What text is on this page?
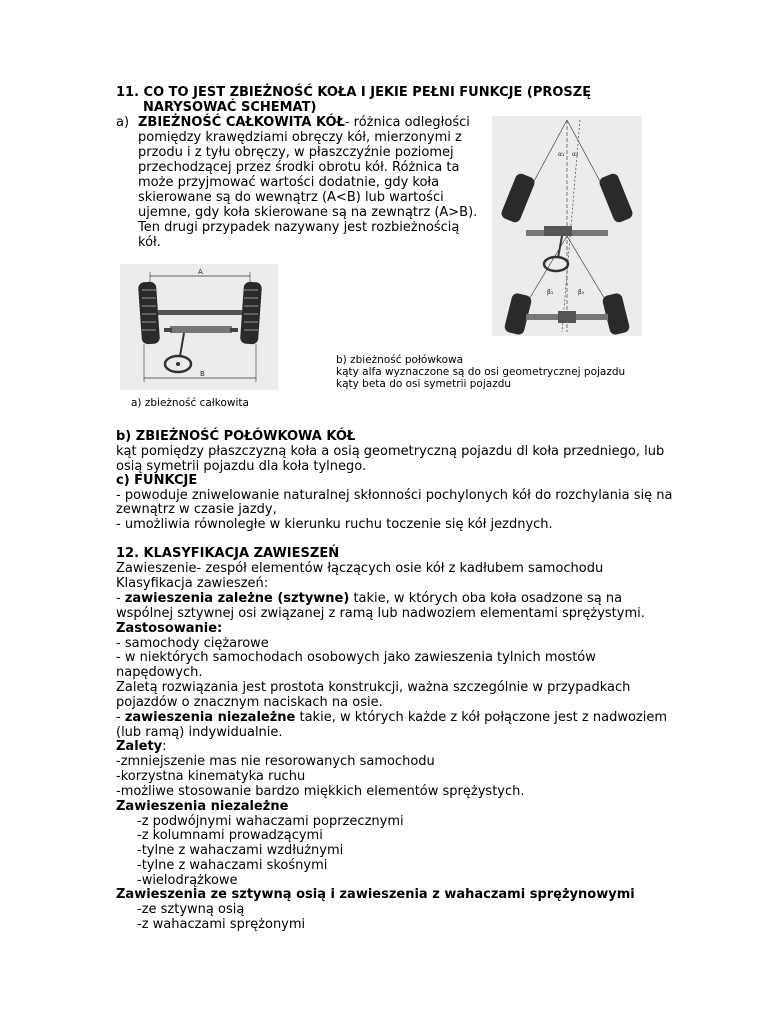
11. CO TO JEST ZBIEŻNOŚĆ KOŁA I JEKIE PEŁNI FUNKCJE (PROSZĘ
NARYSOWAĆ SCHEMAT)
a) ZBIEŻNOŚĆ CAŁKOWITA KÓŁ- różnica odległości
pomiędzy krawędziami obręczy kół, mierzonymi z
przodu i z tyłu obręczy, w płaszczyźnie poziomej
przechodzącej przez środki obrotu kół. Różnica ta
może przyjmować wartości dodatnie, gdy koła
skierowane są do wewnątrz (A<B) lub wartości
ujemne, gdy koła skierowane są na zewnątrz (A>B).
Ten drugi przypadek nazywany jest rozbieżnością
kół.
A
B
a) zbieżność całkowita
α₁ α₂
β₁	β₂
b) zbieżność połówkowa
kąty alfa wyznaczone są do osi geometrycznej pojazdu
kąty beta do osi symetrii pojazdu
b) ZBIEŻNOŚĆ POŁÓWKOWA KÓŁ
kąt pomiędzy płaszczyzną koła a osią geometryczną pojazdu dl koła przedniego, lub
osią symetrii pojazdu dla koła tylnego.
c) FUNKCJE
- powoduje zniwelowanie naturalnej skłonności pochylonych kół do rozchylania się na
zewnątrz w czasie jazdy,
- umożliwia równoległe w kierunku ruchu toczenie się kół jezdnych.
12. KLASYFIKACJA ZAWIESZEŃ
Zawieszenie- zespół elementów łączących osie kół z kadłubem samochodu
Klasyfikacja zawieszeń:
- zawieszenia zależne (sztywne) takie, w których oba koła osadzone są na
wspólnej sztywnej osi związanej z ramą lub nadwoziem elementami sprężystymi.
Zastosowanie:
- samochody ciężarowe
- w niektórych samochodach osobowych jako zawieszenia tylnich mostów
napędowych.
Zaletą rozwiązania jest prostota konstrukcji, ważna szczególnie w przypadkach
pojazdów o znacznym naciskach na osie.
- zawieszenia niezależne takie, w których każde z kół połączone jest z nadwoziem
(lub ramą) indywidualnie.
Zalety:
-zmniejszenie mas nie resorowanych samochodu
-korzystna kinematyka ruchu
-możliwe stosowanie bardzo miękkich elementów sprężystych.
Zawieszenia niezależne
-z podwójnymi wahaczami poprzecznymi
-z kolumnami prowadzącymi
-tylne z wahaczami wzdłużnymi
-tylne z wahaczami skośnymi
-wielodrążkowe
Zawieszenia ze sztywną osią i zawieszenia z wahaczami sprężynowymi
-ze sztywną osią
-z wahaczami sprężonymi
